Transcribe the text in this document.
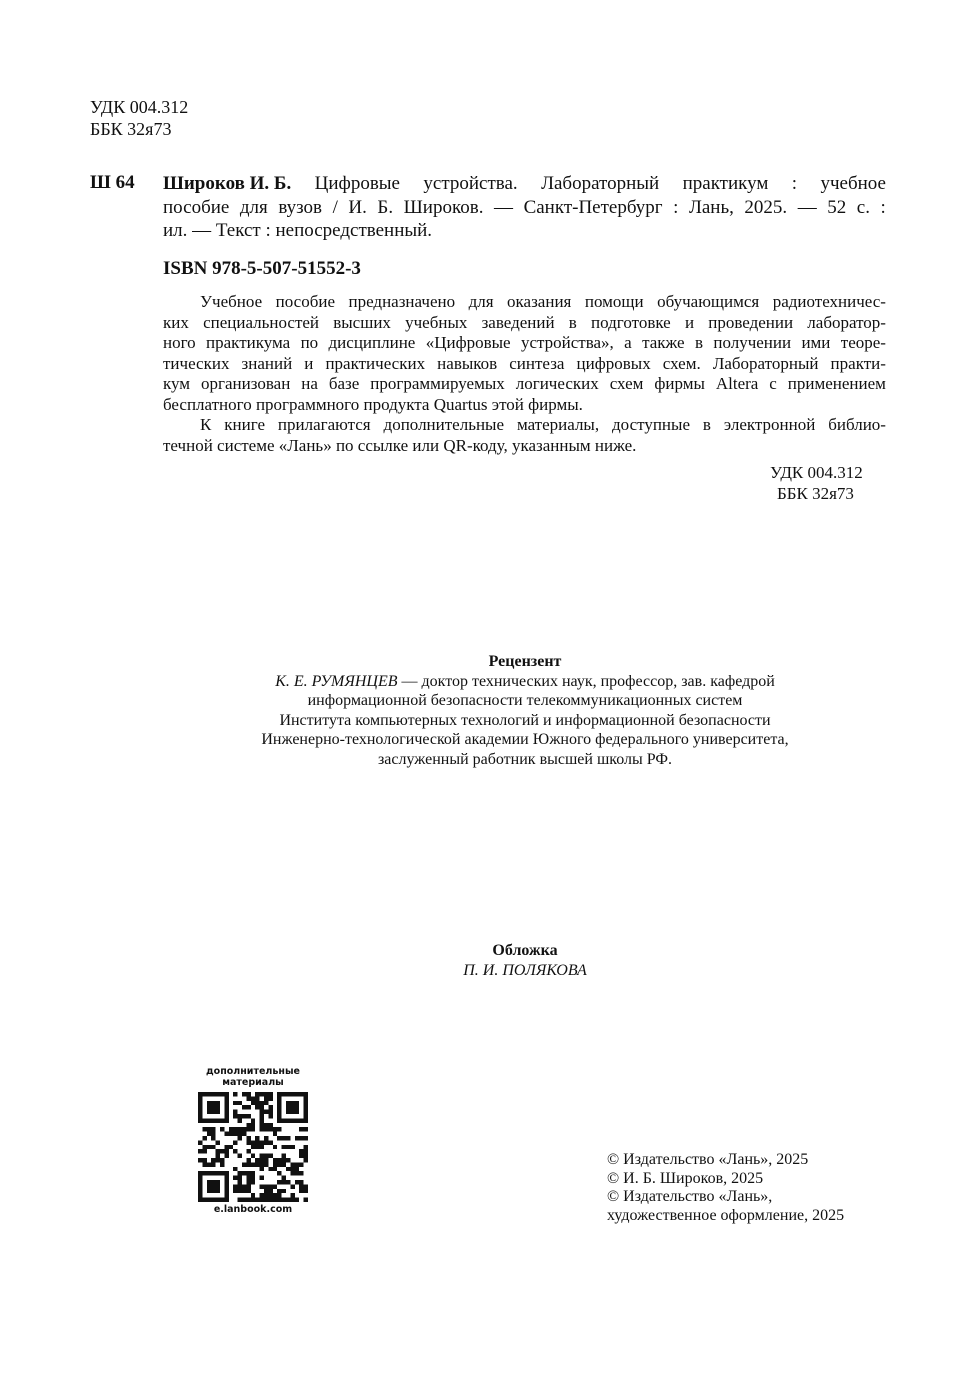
УДК 004.312
ББК 32я73
Ш 64 Широков И. Б. Цифровые устройства. Лабораторный практикум : учебное
пособие для вузов / И. Б. Широков. — Санкт-Петербург : Лань, 2025. — 52 с. :
ил. — Текст : непосредственный.
ISBN 978-5-507-51552-3
Учебное пособие предназначено для оказания помощи обучающимся радиотехничес-
ких специальностей высших учебных заведений в подготовке и проведении лаборатор-
ного практикума по дисциплине «Цифровые устройства», а также в получении ими теоре-
тических знаний и практических навыков синтеза цифровых схем. Лабораторный практи-
кум организован на базе программируемых логических схем фирмы Altera с применением
бесплатного программного продукта Quartus этой фирмы.
К книге прилагаются дополнительные материалы, доступные в электронной библио-
течной системе «Лань» по ссылке или QR-коду, указанным ниже.
УДК 004.312
ББК 32я73
Рецензент
К. Е. РУМЯНЦЕВ — доктор технических наук, профессор, зав. кафедрой
информационной безопасности телекоммуникационных систем
Института компьютерных технологий и информационной безопасности
Инженерно-технологической академии Южного федерального университета,
заслуженный работник высшей школы РФ.
Обложка
П. И. ПОЛЯКОВА
дополнительные
материалы
e.lanbook.com
© Издательство «Лань», 2025
© И. Б. Широков, 2025
© Издательство «Лань»,
художественное оформление, 2025
